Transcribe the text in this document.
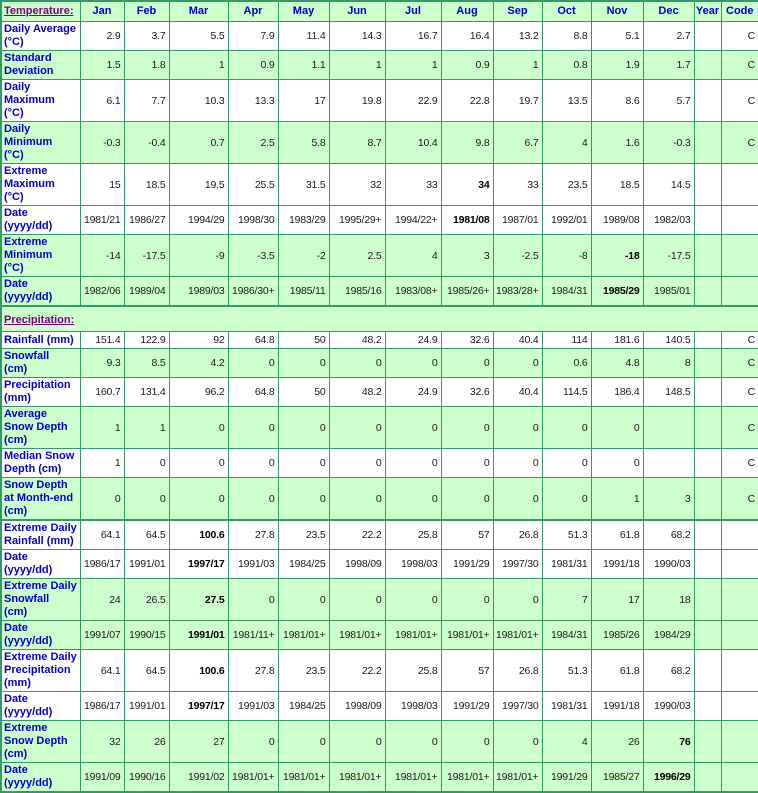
Temperature:	Jan	Feb	Mar	Apr	May	Jun	Jul	Aug	Sep	Oct	Nov	Dec	Year	Code

Daily Average
(°C)	2.9	3.7	5.5	7.9	11.4	14.3	16.7	16.4	13.2	8.8	5.1	2.7		C

Standard
Deviation	1.5	1.8	1	0.9	1.1	1	1	0.9	1	0.8	1.9	1.7		C

Daily
Maximum
(°C)	6.1	7.7	10.3	13.3	17	19.8	22.9	22.8	19.7	13.5	8.6	5.7		C

Daily
Minimum
(°C)	-0.3	-0.4	0.7	2.5	5.8	8.7	10.4	9.8	6.7	4	1.6	-0.3		C

Extreme
Maximum
(°C)	15	18.5	19.5	25.5	31.5	32	33	34	33	23.5	18.5	14.5		

Date
(yyyy/dd)	1981/21	1986/27	1994/29	1998/30	1983/29	1995/29+	1994/22+	1981/08	1987/01	1992/01	1989/08	1982/03		

Extreme
Minimum
(°C)	-14	-17.5	-9	-3.5	-2	2.5	4	3	-2.5	-8	-18	-17.5		

Date
(yyyy/dd)	1982/06	1989/04	1989/03	1986/30+	1985/11	1985/16	1983/08+	1985/26+	1983/28+	1984/31	1985/29	1985/01		
Precipitation:														

Rainfall (mm)	151.4	122.9	92	64.8	50	48.2	24.9	32.6	40.4	114	181.6	140.5		C

Snowfall
(cm)	9.3	8.5	4.2	0	0	0	0	0	0	0.6	4.8	8		C

Precipitation
(mm)	160.7	131.4	96.2	64.8	50	48.2	24.9	32.6	40.4	114.5	186.4	148.5		C

Average
Snow Depth
(cm)	1	1	0	0	0	0	0	0	0	0	0			C

Median Snow
Depth (cm)	1	0	0	0	0	0	0	0	0	0	0			C

Snow Depth
at Month-end
(cm)	0	0	0	0	0	0	0	0	0	0	1	3		C

Extreme Daily
Rainfall (mm)	64.1	64.5	100.6	27.8	23.5	22.2	25.8	57	26.8	51.3	61.8	68.2		

Date
(yyyy/dd)	1986/17	1991/01	1997/17	1991/03	1984/25	1998/09	1998/03	1991/29	1997/30	1981/31	1991/18	1990/03		

Extreme Daily
Snowfall
(cm)	24	26.5	27.5	0	0	0	0	0	0	7	17	18		

Date
(yyyy/dd)	1991/07	1990/15	1991/01	1981/11+	1981/01+	1981/01+	1981/01+	1981/01+	1981/01+	1984/31	1985/26	1984/29		

Extreme Daily
Precipitation
(mm)	64.1	64.5	100.6	27.8	23.5	22.2	25.8	57	26.8	51.3	61.8	68.2		

Date
(yyyy/dd)	1986/17	1991/01	1997/17	1991/03	1984/25	1998/09	1998/03	1991/29	1997/30	1981/31	1991/18	1990/03		

Extreme
Snow Depth
(cm)	32	26	27	0	0	0	0	0	0	4	26	76		

Date
(yyyy/dd)	1991/09	1990/16	1991/02	1981/01+	1981/01+	1981/01+	1981/01+	1981/01+	1981/01+	1991/29	1985/27	1996/29		
